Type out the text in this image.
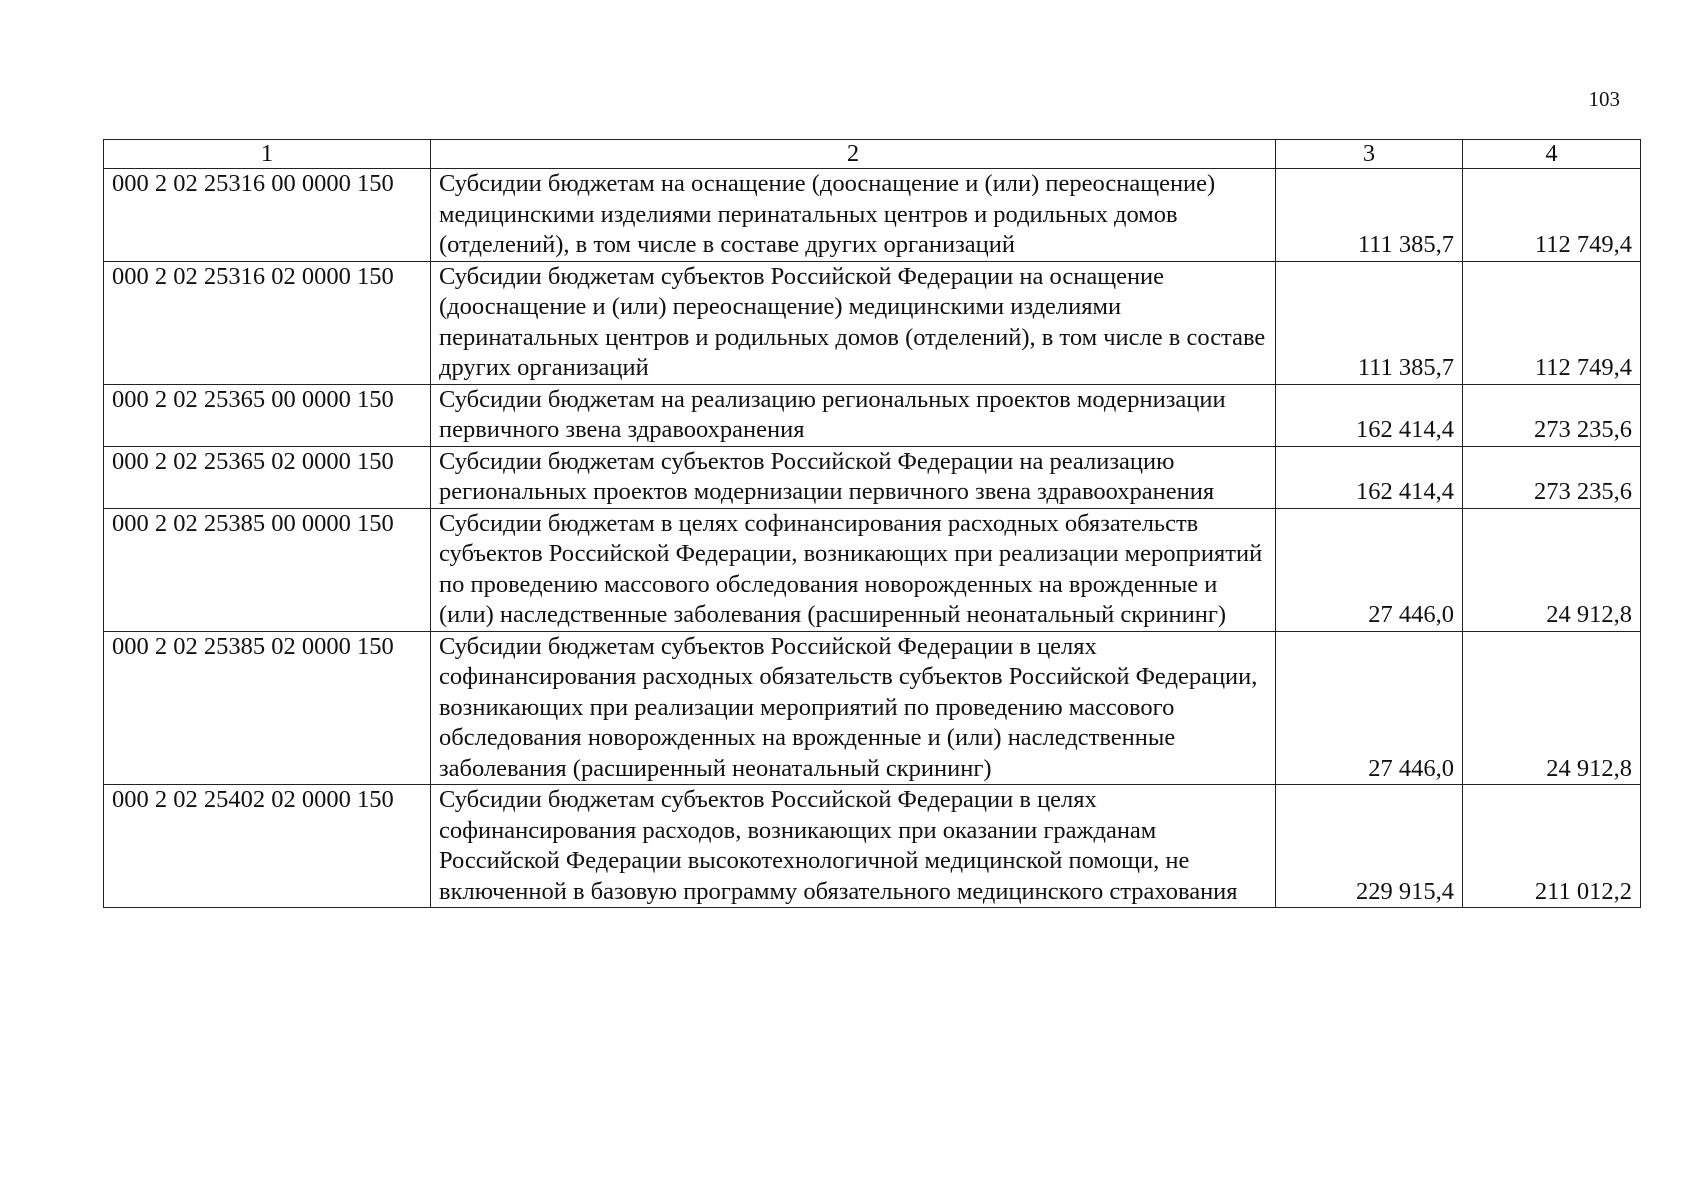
103
1	2	3	4
000 2 02 25316 00 0000 150	Субсидии бюджетам на оснащение (дооснащение и (или) переоснащение) медицинскими изделиями перинатальных центров и родильных домов (отделений), в том числе в составе других организаций	111 385,7	112 749,4
000 2 02 25316 02 0000 150	Субсидии бюджетам субъектов Российской Федерации на оснащение (дооснащение и (или) переоснащение) медицинскими изделиями перинатальных центров и родильных домов (отделений), в том числе в составе других организаций	111 385,7	112 749,4
000 2 02 25365 00 0000 150	Субсидии бюджетам на реализацию региональных проектов модернизации первичного звена здравоохранения	162 414,4	273 235,6
000 2 02 25365 02 0000 150	Субсидии бюджетам субъектов Российской Федерации на реализацию региональных проектов модернизации первичного звена здравоохранения	162 414,4	273 235,6
000 2 02 25385 00 0000 150	Субсидии бюджетам в целях софинансирования расходных обязательств субъектов Российской Федерации, возникающих при реализации мероприятий по проведению массового обследования новорожденных на врожденные и (или) наследственные заболевания (расширенный неонатальный скрининг)	27 446,0	24 912,8
000 2 02 25385 02 0000 150	Субсидии бюджетам субъектов Российской Федерации в целях софинансирования расходных обязательств субъектов Российской Федерации, возникающих при реализации мероприятий по проведению массового обследования новорожденных на врожденные и (или) наследственные заболевания (расширенный неонатальный скрининг)	27 446,0	24 912,8
000 2 02 25402 02 0000 150	Субсидии бюджетам субъектов Российской Федерации в целях софинансирования расходов, возникающих при оказании гражданам Российской Федерации высокотехнологичной медицинской помощи, не включенной в базовую программу обязательного медицинского страхования	229 915,4	211 012,2
